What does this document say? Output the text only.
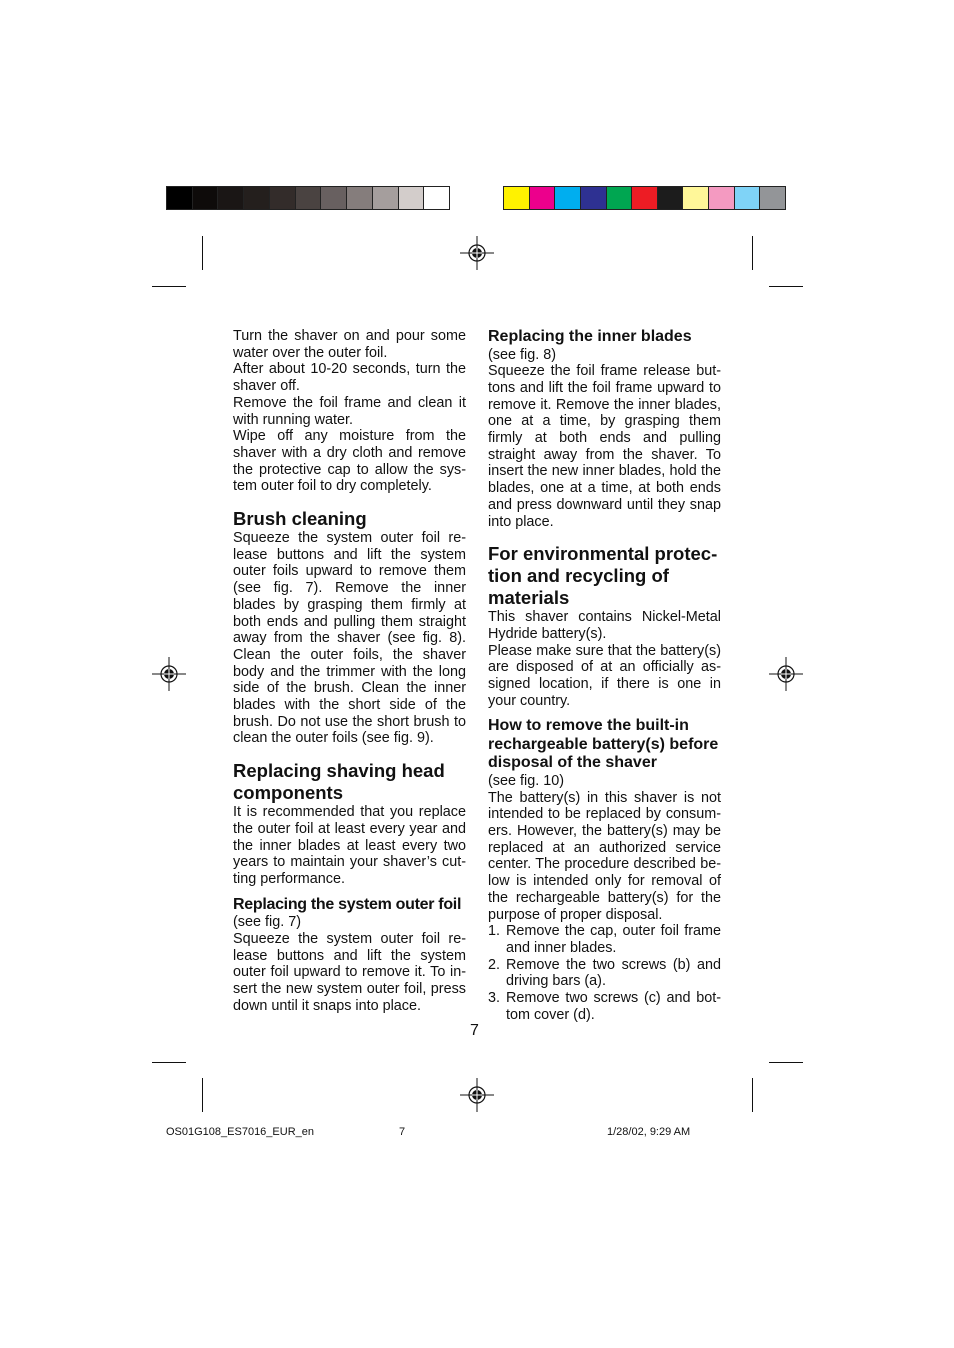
Turn the shaver on and pour some water over the outer foil.

After about 10-20 seconds, turn the shaver off.

Remove the foil frame and clean it with running water.

Wipe off any moisture from the shaver with a dry cloth and remove the protective cap to allow the sys-tem outer foil to dry completely.

Brush cleaning

Squeeze the system outer foil re-lease buttons and lift the system outer foils upward to remove them (see fig. 7). Remove the inner blades by grasping them firmly at both ends and pulling them straight away from the shaver (see fig. 8). Clean the outer foils, the shaver body and the trimmer with the long side of the brush. Clean the inner blades with the short side of the brush. Do not use the short brush to clean the outer foils (see fig. 9).

Replacing shaving head components

It is recommended that you replace the outer foil at least every year and the inner blades at least every two years to maintain your shaver’s cut-ting performance.

Replacing the system outer foil

(see fig. 7)

Squeeze the system outer foil re-lease buttons and lift the system outer foil upward to remove it. To in-sert the new system outer foil, press down until it snaps into place.

Replacing the inner blades

(see fig. 8)

Squeeze the foil frame release but-tons and lift the foil frame upward to remove it. Remove the inner blades, one at a time, by grasping them firmly at both ends and pulling straight away from the shaver. To insert the new inner blades, hold the blades, one at a time, at both ends and press downward until they snap into place.

For environmental protec-tion and recycling of materials

This shaver contains Nickel-Metal Hydride battery(s).

Please make sure that the battery(s) are disposed of at an officially as-signed location, if there is one in your country.

How to remove the built-in rechargeable battery(s) before disposal of the shaver

(see fig. 10)

The battery(s) in this shaver is not intended to be replaced by consum-ers. However, the battery(s) may be replaced at an authorized service center. The procedure described be-low is intended only for removal of the rechargeable battery(s) for the purpose of proper disposal.

1. Remove the cap, outer foil frame and inner blades.
2. Remove the two screws (b) and driving bars (a).
3. Remove two screws (c) and bot-tom cover (d).
7
OS01G108_ES7016_EUR_en	7	1/28/02, 9:29 AM
